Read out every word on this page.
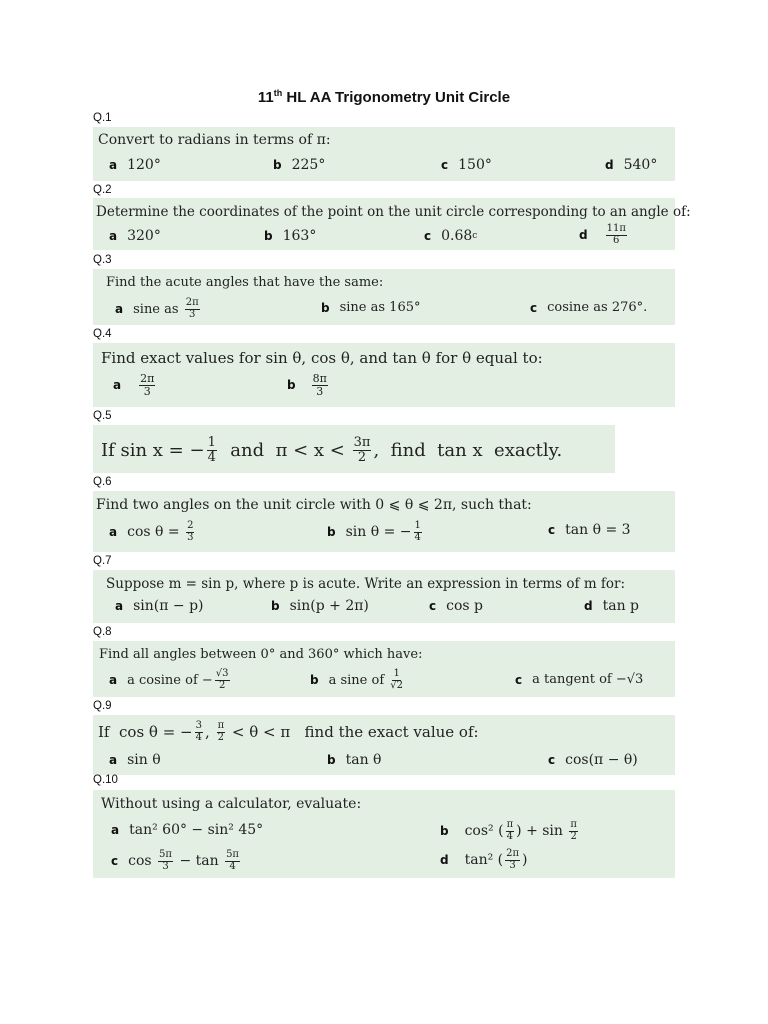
11th HL AA Trigonometry Unit Circle
Q.1
Convert to radians in terms of π:
a 120°	b 225°	c 150°	d 540°
Q.2
Determine the coordinates of the point on the unit circle corresponding to an angle of:
a 320°	b 163°	c 0.68 c	d $\frac{11\pi}{6}$
Q.3
Find the acute angles that have the same:
a sine as
$\frac{2\pi}{3}$	b sine as 165°	c cosine as 276°.
Q.4
Find exact values for sin θ, cos θ, and tan θ for θ equal to:
a $\frac{2\pi}{3}$	b $\frac{8\pi}{3}$
Q.5
If sin x = − $\frac{1}{4}$ and  π < x <
$\frac{3\pi}{2}$ ,  find  tan x  exactly.
Q.6
Find two angles on the unit circle with 0 ⩽ θ ⩽ 2π, such that:
a cos θ =
$\frac{2}{3}$	b sin θ = − $\frac{1}{4}$	c tan θ = 3
Q.7
Suppose m = sin p, where p is acute. Write an expression in terms of m for:
a sin(π − p)	b sin(p + 2π)	c cos p	d tan p
Q.8
Find all angles between 0° and 360° which have:
a a cosine of − $\frac{√3}{2}$	b a sine of
$\frac{1}{√2}$	c a tangent of −√3
Q.9
If  cos θ = − $\frac{3}{4}$ ,
$\frac{\pi}{2}$
< θ < π   find the exact value of:
a sin θ	b tan θ	c cos(π − θ)
Q.10
Without using a calculator, evaluate:
a tan² 60° − sin² 45°	b cos² ( $\frac{\pi}{4}$ ) + sin
$\frac{\pi}{2}$
c cos
$\frac{5\pi}{3}$
− tan
$\frac{5\pi}{4}$	d tan² ( $\frac{2\pi}{3}$ )
